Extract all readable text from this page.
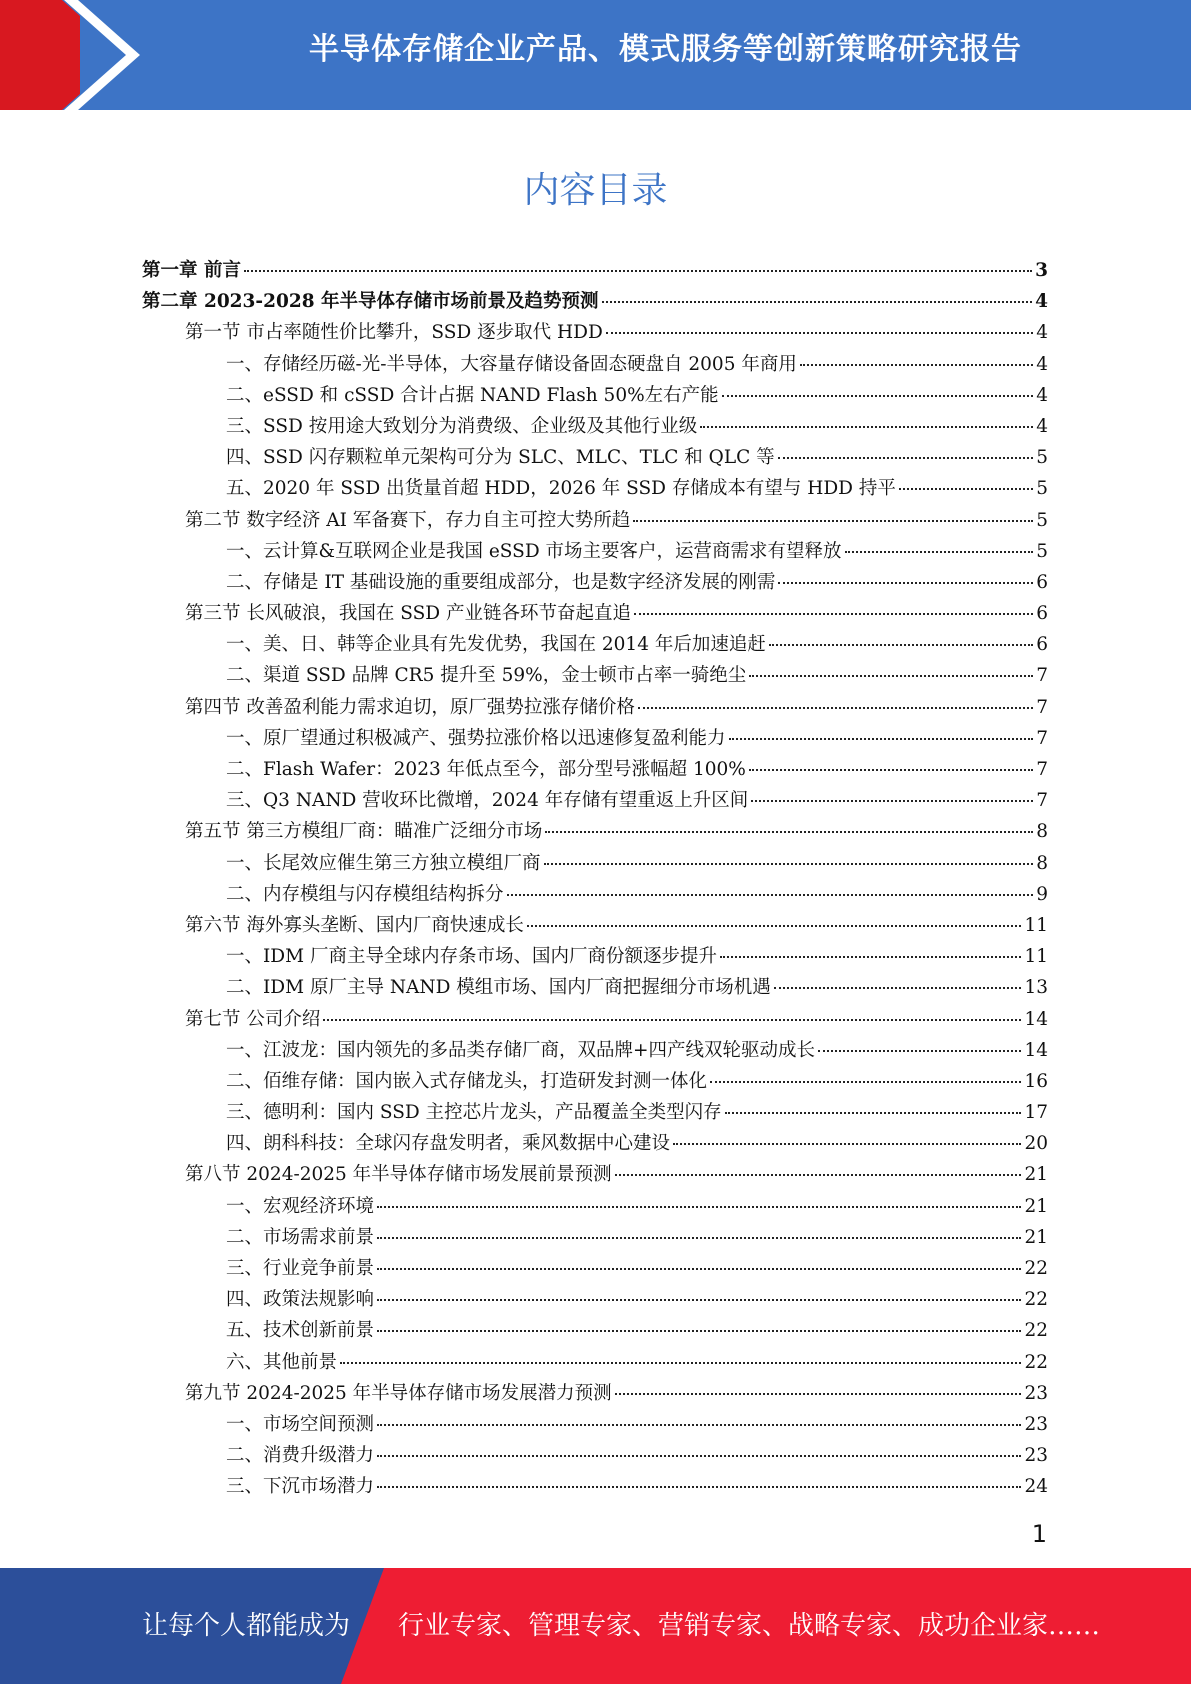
半导体存储企业产品、模式服务等创新策略研究报告
内容目录
第一章 前言	3
第二章 2023-2028 年半导体存储市场前景及趋势预测	4
第一节 市占率随性价比攀升，SSD 逐步取代 HDD	4
一、存储经历磁-光-半导体，大容量存储设备固态硬盘自 2005 年商用	4
二、eSSD 和 cSSD 合计占据 NAND Flash 50%左右产能	4
三、SSD 按用途大致划分为消费级、企业级及其他行业级	4
四、SSD 闪存颗粒单元架构可分为 SLC、MLC、TLC 和 QLC 等	5
五、2020 年 SSD 出货量首超 HDD，2026 年 SSD 存储成本有望与 HDD 持平	5
第二节 数字经济 AI 军备赛下，存力自主可控大势所趋	5
一、云计算&互联网企业是我国 eSSD 市场主要客户，运营商需求有望释放	5
二、存储是 IT 基础设施的重要组成部分，也是数字经济发展的刚需	6
第三节 长风破浪，我国在 SSD 产业链各环节奋起直追	6
一、美、日、韩等企业具有先发优势，我国在 2014 年后加速追赶	6
二、渠道 SSD 品牌 CR5 提升至 59%，金士顿市占率一骑绝尘	7
第四节 改善盈利能力需求迫切，原厂强势拉涨存储价格	7
一、原厂望通过积极减产、强势拉涨价格以迅速修复盈利能力	7
二、Flash Wafer：2023 年低点至今，部分型号涨幅超 100%	7
三、Q3 NAND 营收环比微增，2024 年存储有望重返上升区间	7
第五节 第三方模组厂商：瞄准广泛细分市场	8
一、长尾效应催生第三方独立模组厂商	8
二、内存模组与闪存模组结构拆分	9
第六节 海外寡头垄断、国内厂商快速成长	11
一、IDM 厂商主导全球内存条市场、国内厂商份额逐步提升	11
二、IDM 原厂主导 NAND 模组市场、国内厂商把握细分市场机遇	13
第七节 公司介绍	14
一、江波龙：国内领先的多品类存储厂商，双品牌+四产线双轮驱动成长	14
二、佰维存储：国内嵌入式存储龙头，打造研发封测一体化	16
三、德明利：国内 SSD 主控芯片龙头，产品覆盖全类型闪存	17
四、朗科科技：全球闪存盘发明者，乘风数据中心建设	20
第八节 2024-2025 年半导体存储市场发展前景预测	21
一、宏观经济环境	21
二、市场需求前景	21
三、行业竞争前景	22
四、政策法规影响	22
五、技术创新前景	22
六、其他前景	22
第九节 2024-2025 年半导体存储市场发展潜力预测	23
一、市场空间预测	23
二、消费升级潜力	23
三、下沉市场潜力	24
1
让每个人都能成为 行业专家、管理专家、营销专家、战略专家、成功企业家……
